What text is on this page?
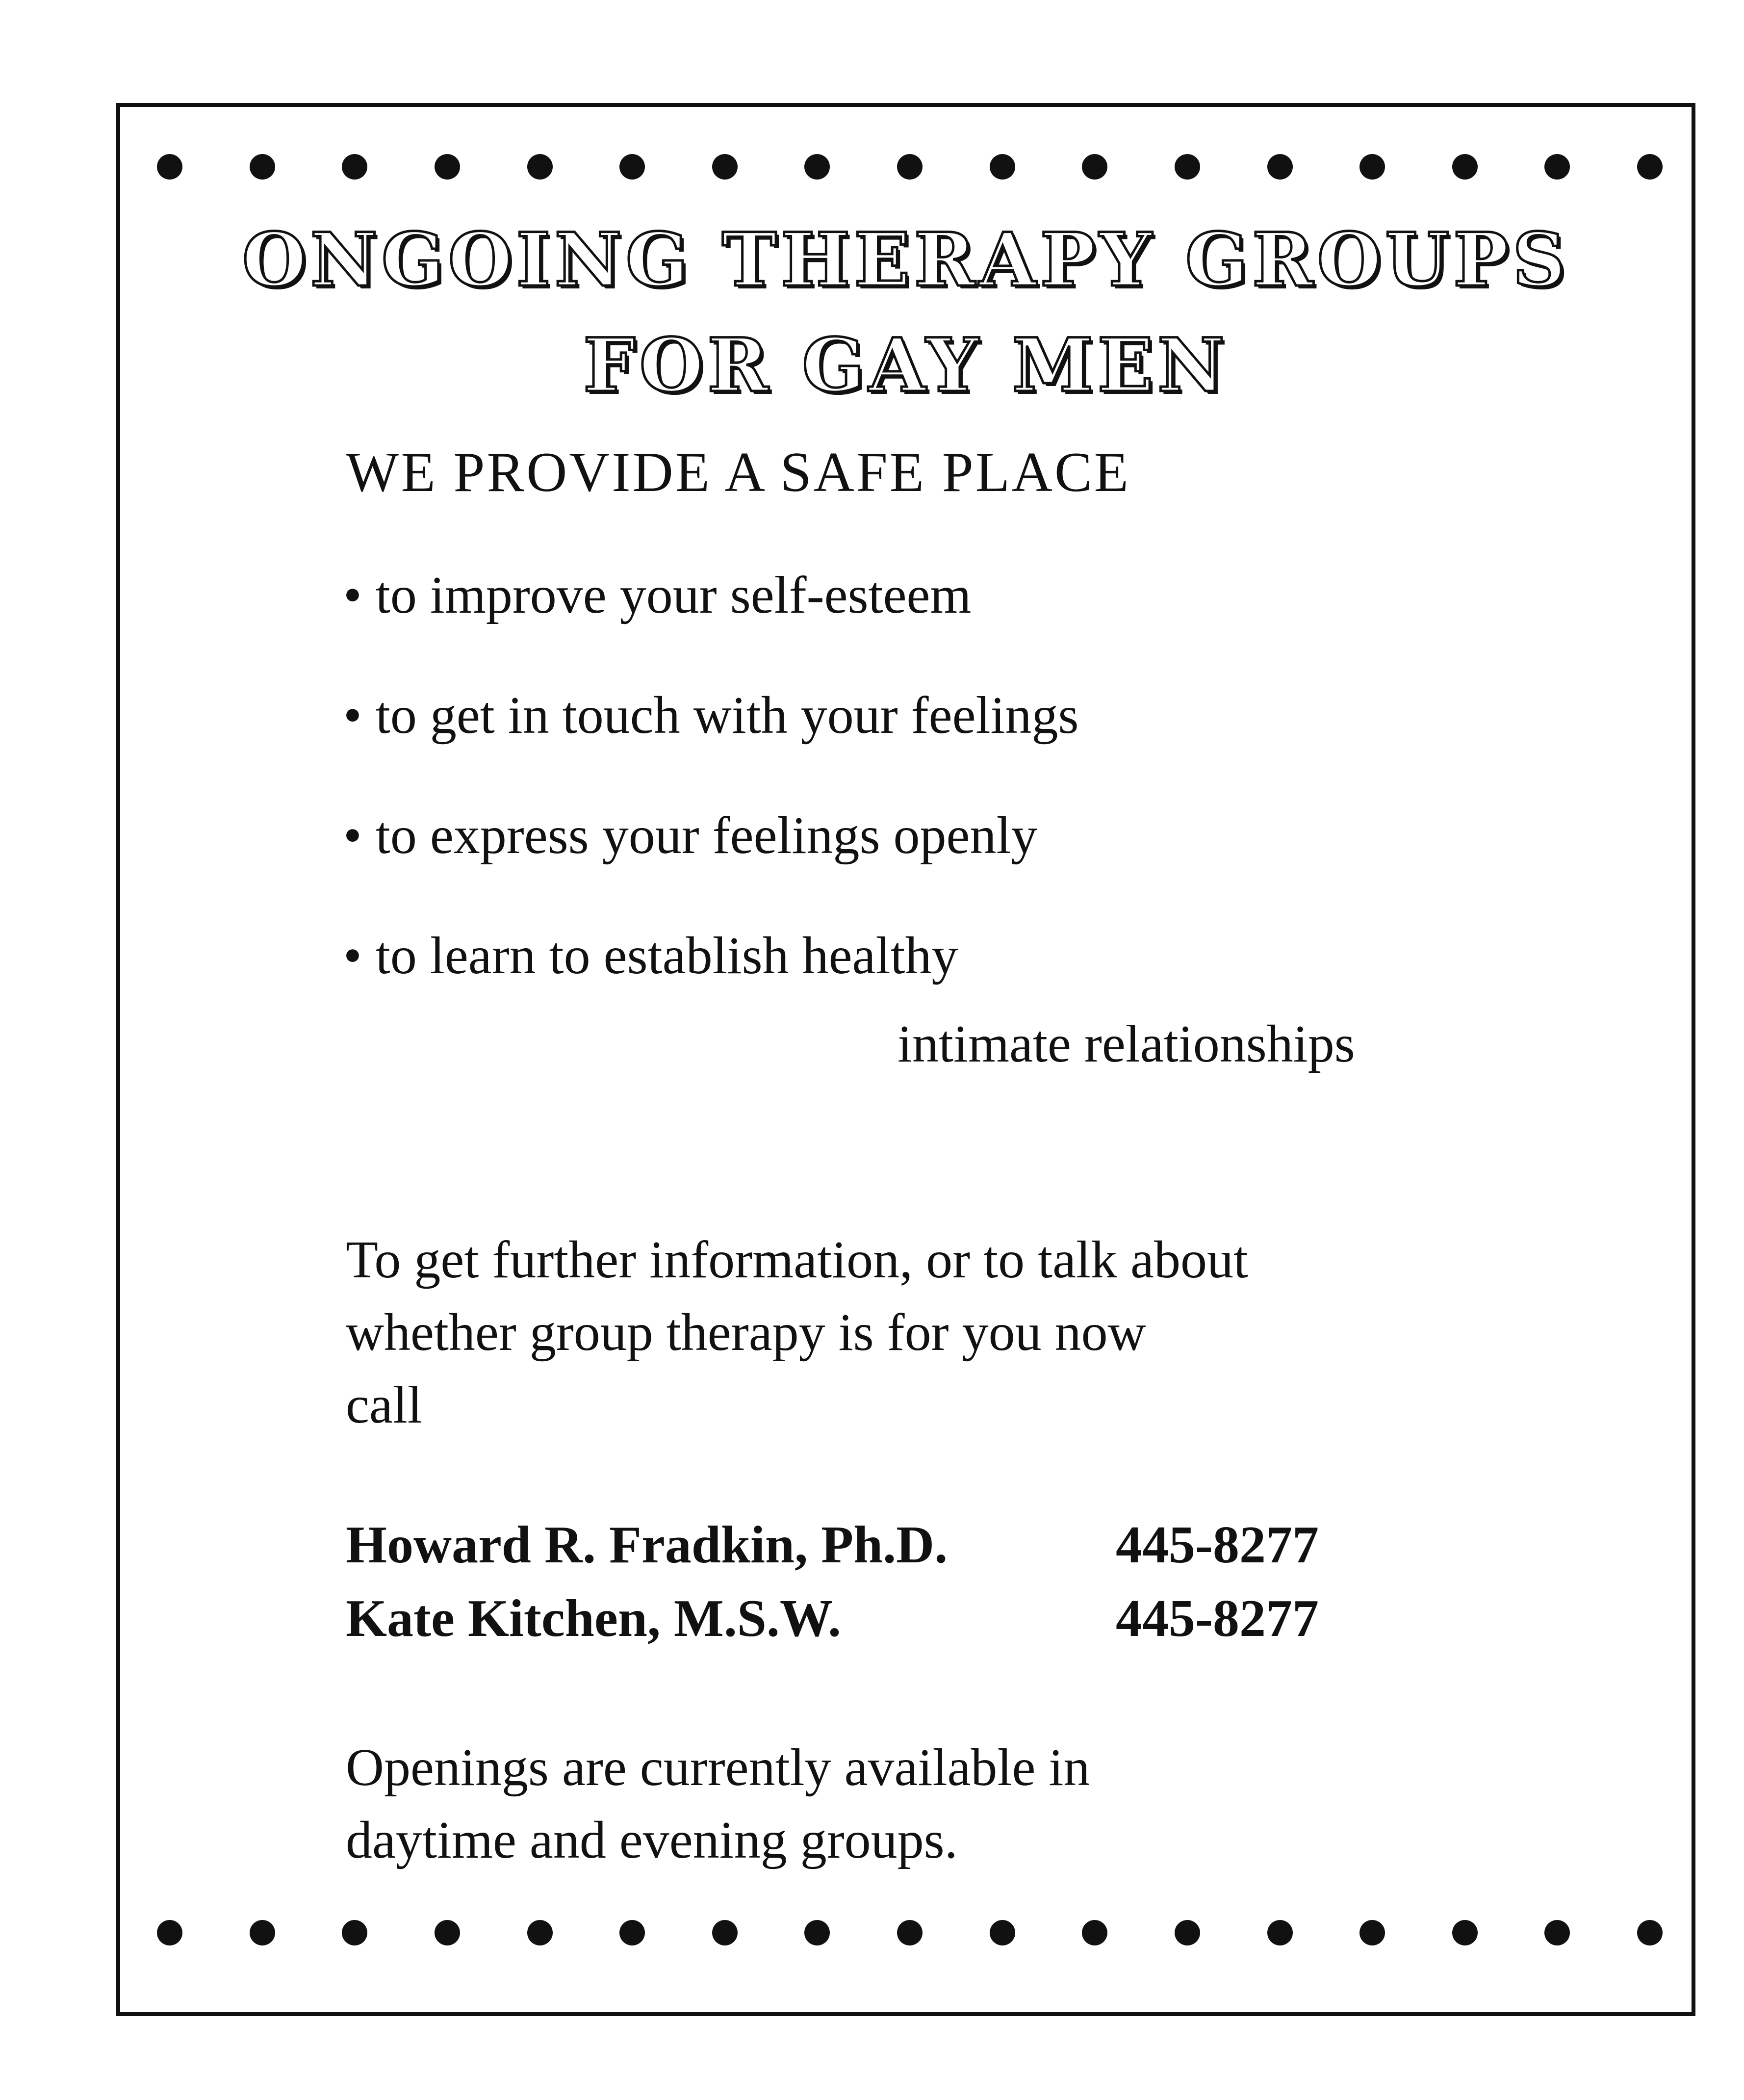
ONGOING THERAPY GROUPS
FOR GAY MEN
WE PROVIDE A SAFE PLACE
• to improve your self-esteem
• to get in touch with your feelings
• to express your feelings openly
• to learn to establish healthy
intimate relationships
To get further information, or to talk about
whether group therapy is for you now
call
Howard R. Fradkin, Ph.D.	445-8277
Kate Kitchen, M.S.W.	445-8277
Openings are currently available in
daytime and evening groups.
